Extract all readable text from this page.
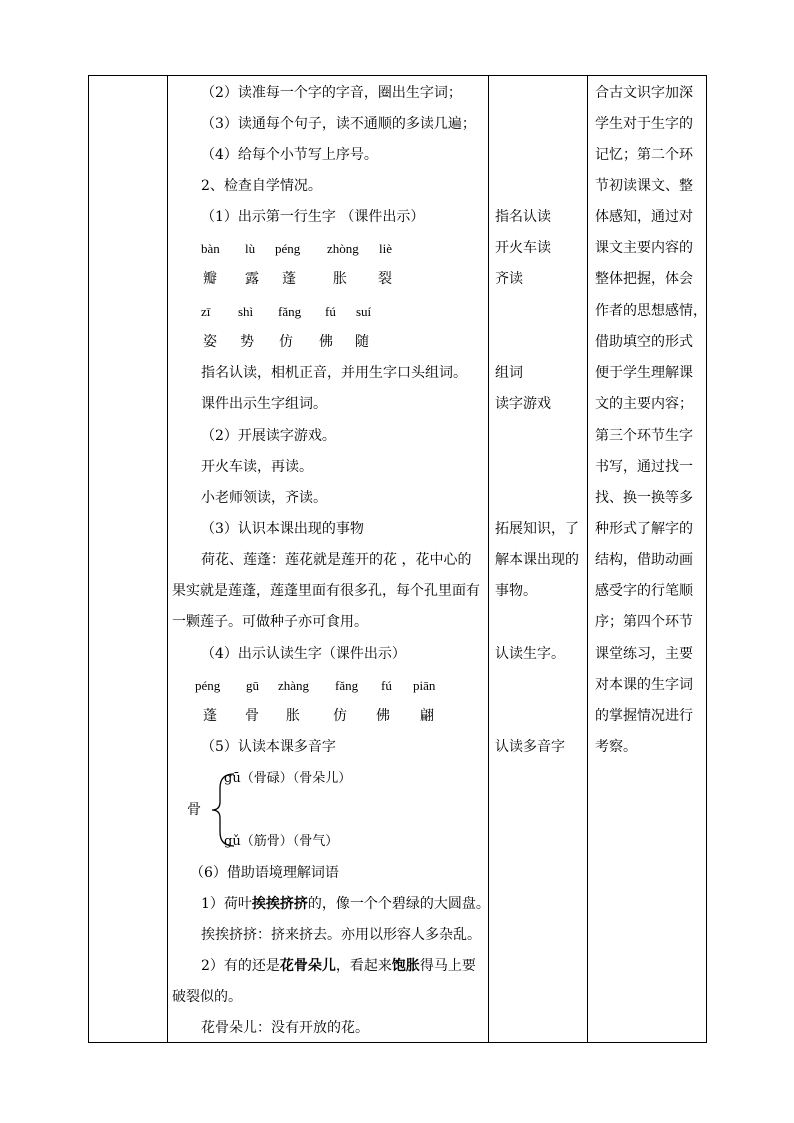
（2）读准每一个字的字音，圈出生字词；
（3）读通每个句子，读不通顺的多读几遍；
（4）给每个小节写上序号。
2、检查自学情况。
（1）出示第一行生字 （课件出示）
bàn lù péng zhòng liè
瓣 露 蓬	胀 裂
zī shì fǎng fú suí
姿 势 仿 佛 随
指名认读，相机正音，并用生字口头组词。
课件出示生字组词。
（2）开展读字游戏。
开火车读，再读。
小老师领读，齐读。
（3）认识本课出现的事物
荷花、莲蓬：莲花就是莲开的花 ，花中心的
果实就是莲蓬，莲蓬里面有很多孔，每个孔里面有
一颗莲子。可做种子亦可食用。
（4）出示认读生字（课件出示）
péng gū zhàng fǎng fú piān
蓬 骨 胀 仿 佛 翩
（5）认读本课多音字
gū（骨碌）（骨朵儿）
骨
gǔ（筋骨）（骨气）
（6）借助语境理解词语
1）荷叶挨挨挤挤的，像一个个碧绿的大圆盘。
挨挨挤挤：挤来挤去。亦用以形容人多杂乱。
2）有的还是花骨朵儿，看起来饱胀得马上要
破裂似的。
花骨朵儿：没有开放的花。
指名认读
开火车读
齐读
组词
读字游戏
拓展知识，了
解本课出现的
事物。
认读生字。
认读多音字
合古文识字加深
学生对于生字的
记忆；第二个环
节初读课文、整
体感知，通过对
课文主要内容的
整体把握，体会
作者的思想感情，
借助填空的形式
便于学生理解课
文的主要内容；
第三个环节生字
书写，通过找一
找、换一换等多
种形式了解字的
结构，借助动画
感受字的行笔顺
序；第四个环节
课堂练习，主要
对本课的生字词
的掌握情况进行
考察。
